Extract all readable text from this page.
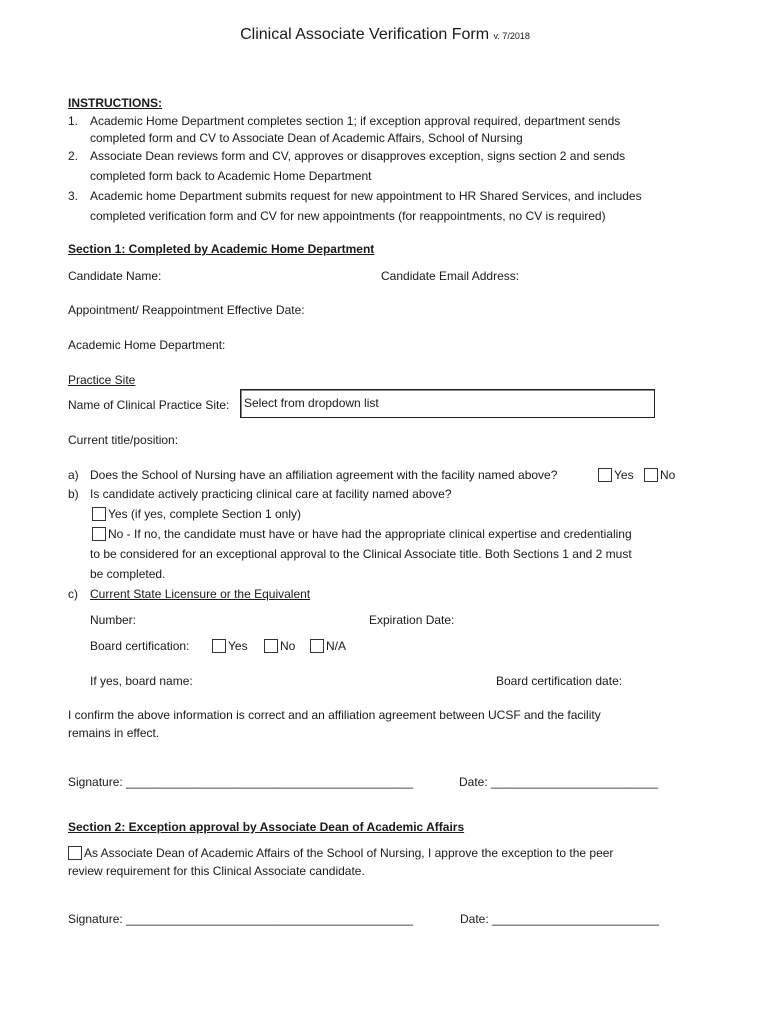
Clinical Associate Verification Form v. 7/2018
INSTRUCTIONS:
1. Academic Home Department completes section 1; if exception approval required, department sends
completed form and CV to Associate Dean of Academic Affairs, School of Nursing
2. Associate Dean reviews form and CV, approves or disapproves exception, signs section 2 and sends
completed form back to Academic Home Department
3. Academic home Department submits request for new appointment to HR Shared Services, and includes
completed verification form and CV for new appointments (for reappointments, no CV is required)
Section 1: Completed by Academic Home Department
Candidate Name:	Candidate Email Address:
Appointment/ Reappointment Effective Date:
Academic Home Department:
Practice Site
Name of Clinical Practice Site:	Select from dropdown list
Current title/position:
a) Does the School of Nursing have an affiliation agreement with the facility named above?	Yes	No
b) Is candidate actively practicing clinical care at facility named above?
Yes (if yes, complete Section 1 only)
No - If no, the candidate must have or have had the appropriate clinical expertise and credentialing
to be considered for an exceptional approval to the Clinical Associate title. Both Sections 1 and 2 must
be completed.
c) Current State Licensure or the Equivalent
Number:	Expiration Date:
Board certification:	Yes	No	N/A
If yes, board name:	Board certification date:
I confirm the above information is correct and an affiliation agreement between UCSF and the facility
remains in effect.
Signature: ___________________________________________	Date: _________________________
Section 2: Exception approval by Associate Dean of Academic Affairs
As Associate Dean of Academic Affairs of the School of Nursing, I approve the exception to the peer
review requirement for this Clinical Associate candidate.
Signature: ___________________________________________	Date: _________________________
